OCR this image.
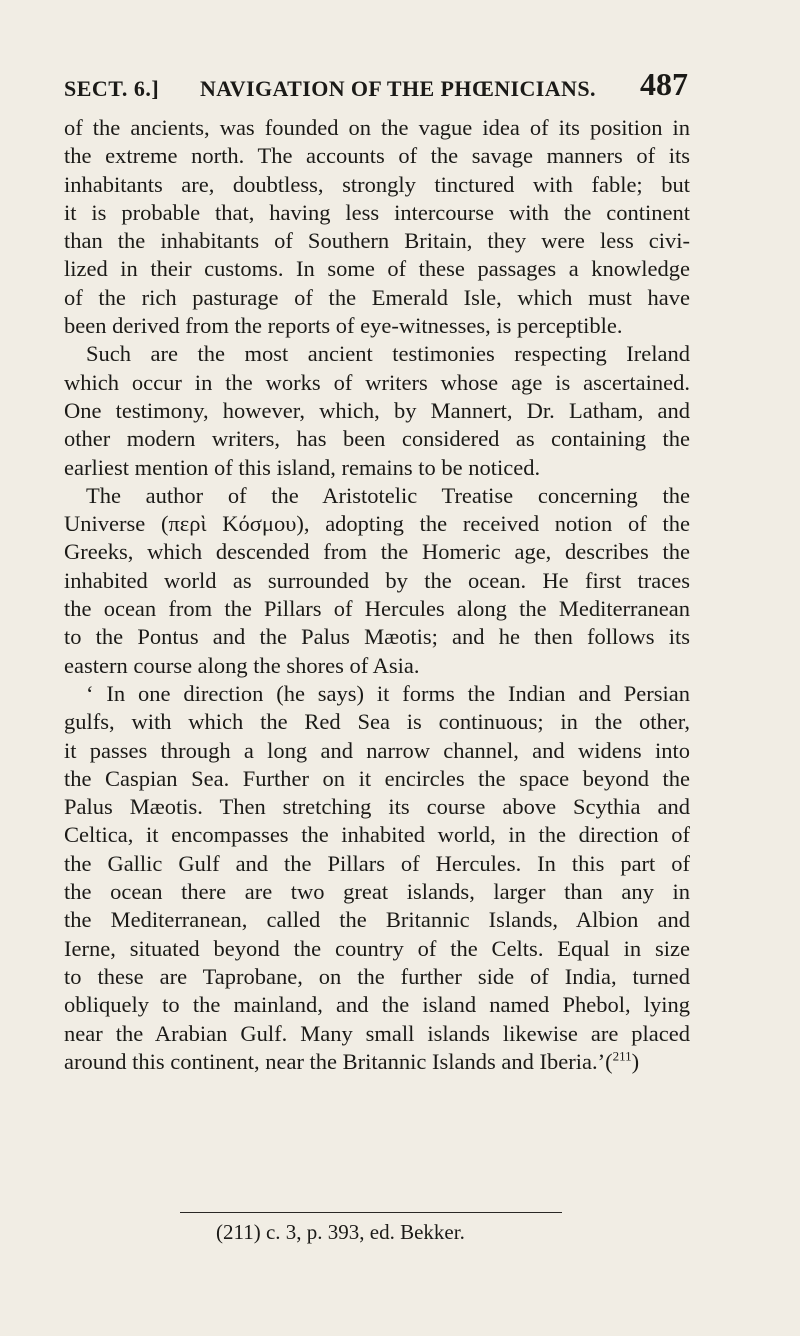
SECT. 6.] NAVIGATION OF THE PHŒNICIANS. 487
of the ancients, was founded on the vague idea of its position in
the extreme north. The accounts of the savage manners of its
inhabitants are, doubtless, strongly tinctured with fable; but
it is probable that, having less intercourse with the continent
than the inhabitants of Southern Britain, they were less civi-
lized in their customs. In some of these passages a knowledge
of the rich pasturage of the Emerald Isle, which must have
been derived from the reports of eye-witnesses, is perceptible.
Such are the most ancient testimonies respecting Ireland
which occur in the works of writers whose age is ascertained.
One testimony, however, which, by Mannert, Dr. Latham, and
other modern writers, has been considered as containing the
earliest mention of this island, remains to be noticed.
The author of the Aristotelic Treatise concerning the
Universe (περὶ Κόσμου), adopting the received notion of the
Greeks, which descended from the Homeric age, describes the
inhabited world as surrounded by the ocean. He first traces
the ocean from the Pillars of Hercules along the Mediterranean
to the Pontus and the Palus Mæotis; and he then follows its
eastern course along the shores of Asia.
‘ In one direction (he says) it forms the Indian and Persian
gulfs, with which the Red Sea is continuous; in the other,
it passes through a long and narrow channel, and widens into
the Caspian Sea. Further on it encircles the space beyond the
Palus Mæotis. Then stretching its course above Scythia and
Celtica, it encompasses the inhabited world, in the direction of
the Gallic Gulf and the Pillars of Hercules. In this part of
the ocean there are two great islands, larger than any in
the Mediterranean, called the Britannic Islands, Albion and
Ierne, situated beyond the country of the Celts. Equal in size
to these are Taprobane, on the further side of India, turned
obliquely to the mainland, and the island named Phebol, lying
near the Arabian Gulf. Many small islands likewise are placed
around this continent, near the Britannic Islands and Iberia.’($^{211}$)
(211) c. 3, p. 393, ed. Bekker.
